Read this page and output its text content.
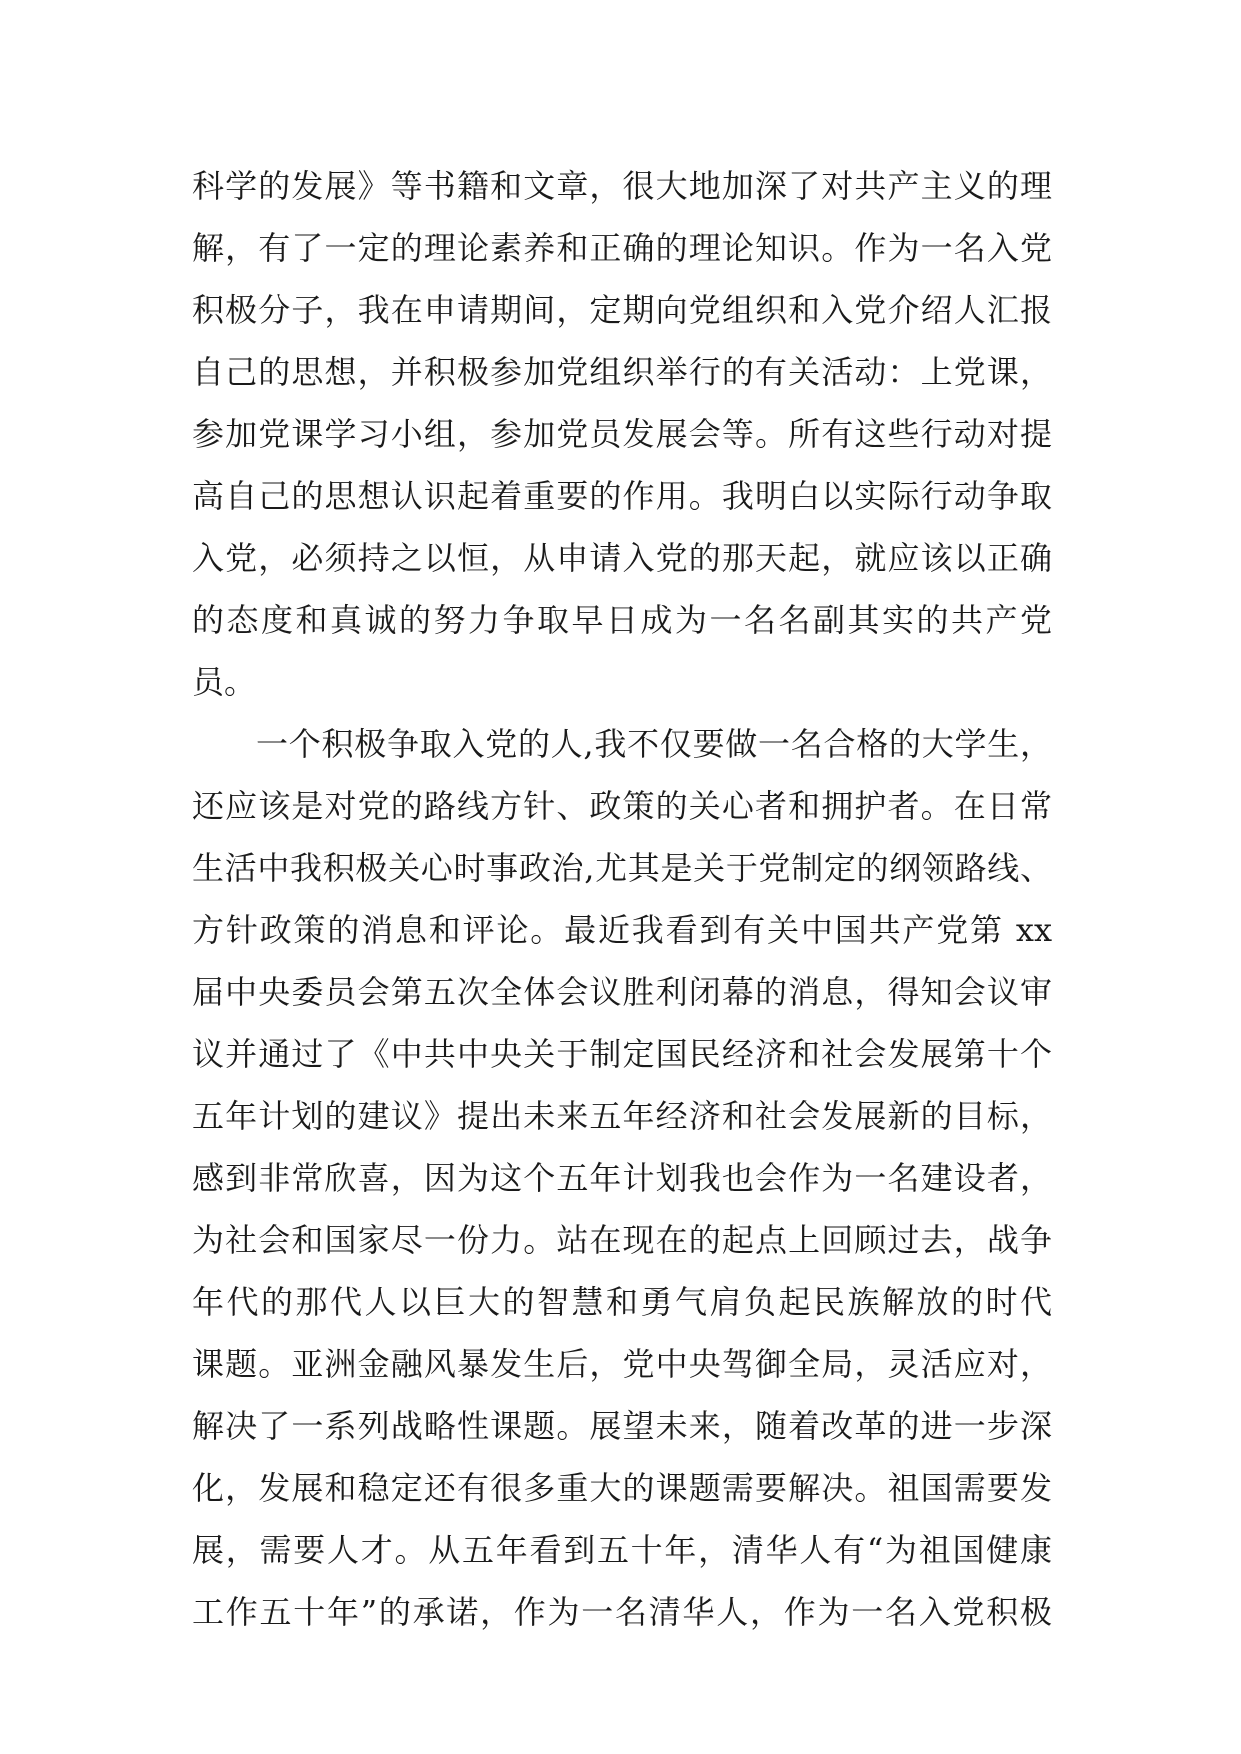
科学的发展》等书籍和文章，很大地加深了对共产主义的理
解，有了一定的理论素养和正确的理论知识。作为一名入党
积极分子，我在申请期间，定期向党组织和入党介绍人汇报
自己的思想，并积极参加党组织举行的有关活动：上党课，
参加党课学习小组，参加党员发展会等。所有这些行动对提
高自己的思想认识起着重要的作用。我明白以实际行动争取
入党，必须持之以恒，从申请入党的那天起，就应该以正确
的态度和真诚的努力争取早日成为一名名副其实的共产党
员。
一个积极争取入党的人,我不仅要做一名合格的大学生，
还应该是对党的路线方针、政策的关心者和拥护者。在日常
生活中我积极关心时事政治,尤其是关于党制定的纲领路线、
方针政策的消息和评论。最近我看到有关中国共产党第 xx
届中央委员会第五次全体会议胜利闭幕的消息，得知会议审
议并通过了《中共中央关于制定国民经济和社会发展第十个
五年计划的建议》提出未来五年经济和社会发展新的目标，
感到非常欣喜，因为这个五年计划我也会作为一名建设者，
为社会和国家尽一份力。站在现在的起点上回顾过去，战争
年代的那代人以巨大的智慧和勇气肩负起民族解放的时代
课题。亚洲金融风暴发生后，党中央驾御全局，灵活应对，
解决了一系列战略性课题。展望未来，随着改革的进一步深
化，发展和稳定还有很多重大的课题需要解决。祖国需要发
展，需要人才。从五年看到五十年，清华人有“为祖国健康
工作五十年”的承诺，作为一名清华人，作为一名入党积极
